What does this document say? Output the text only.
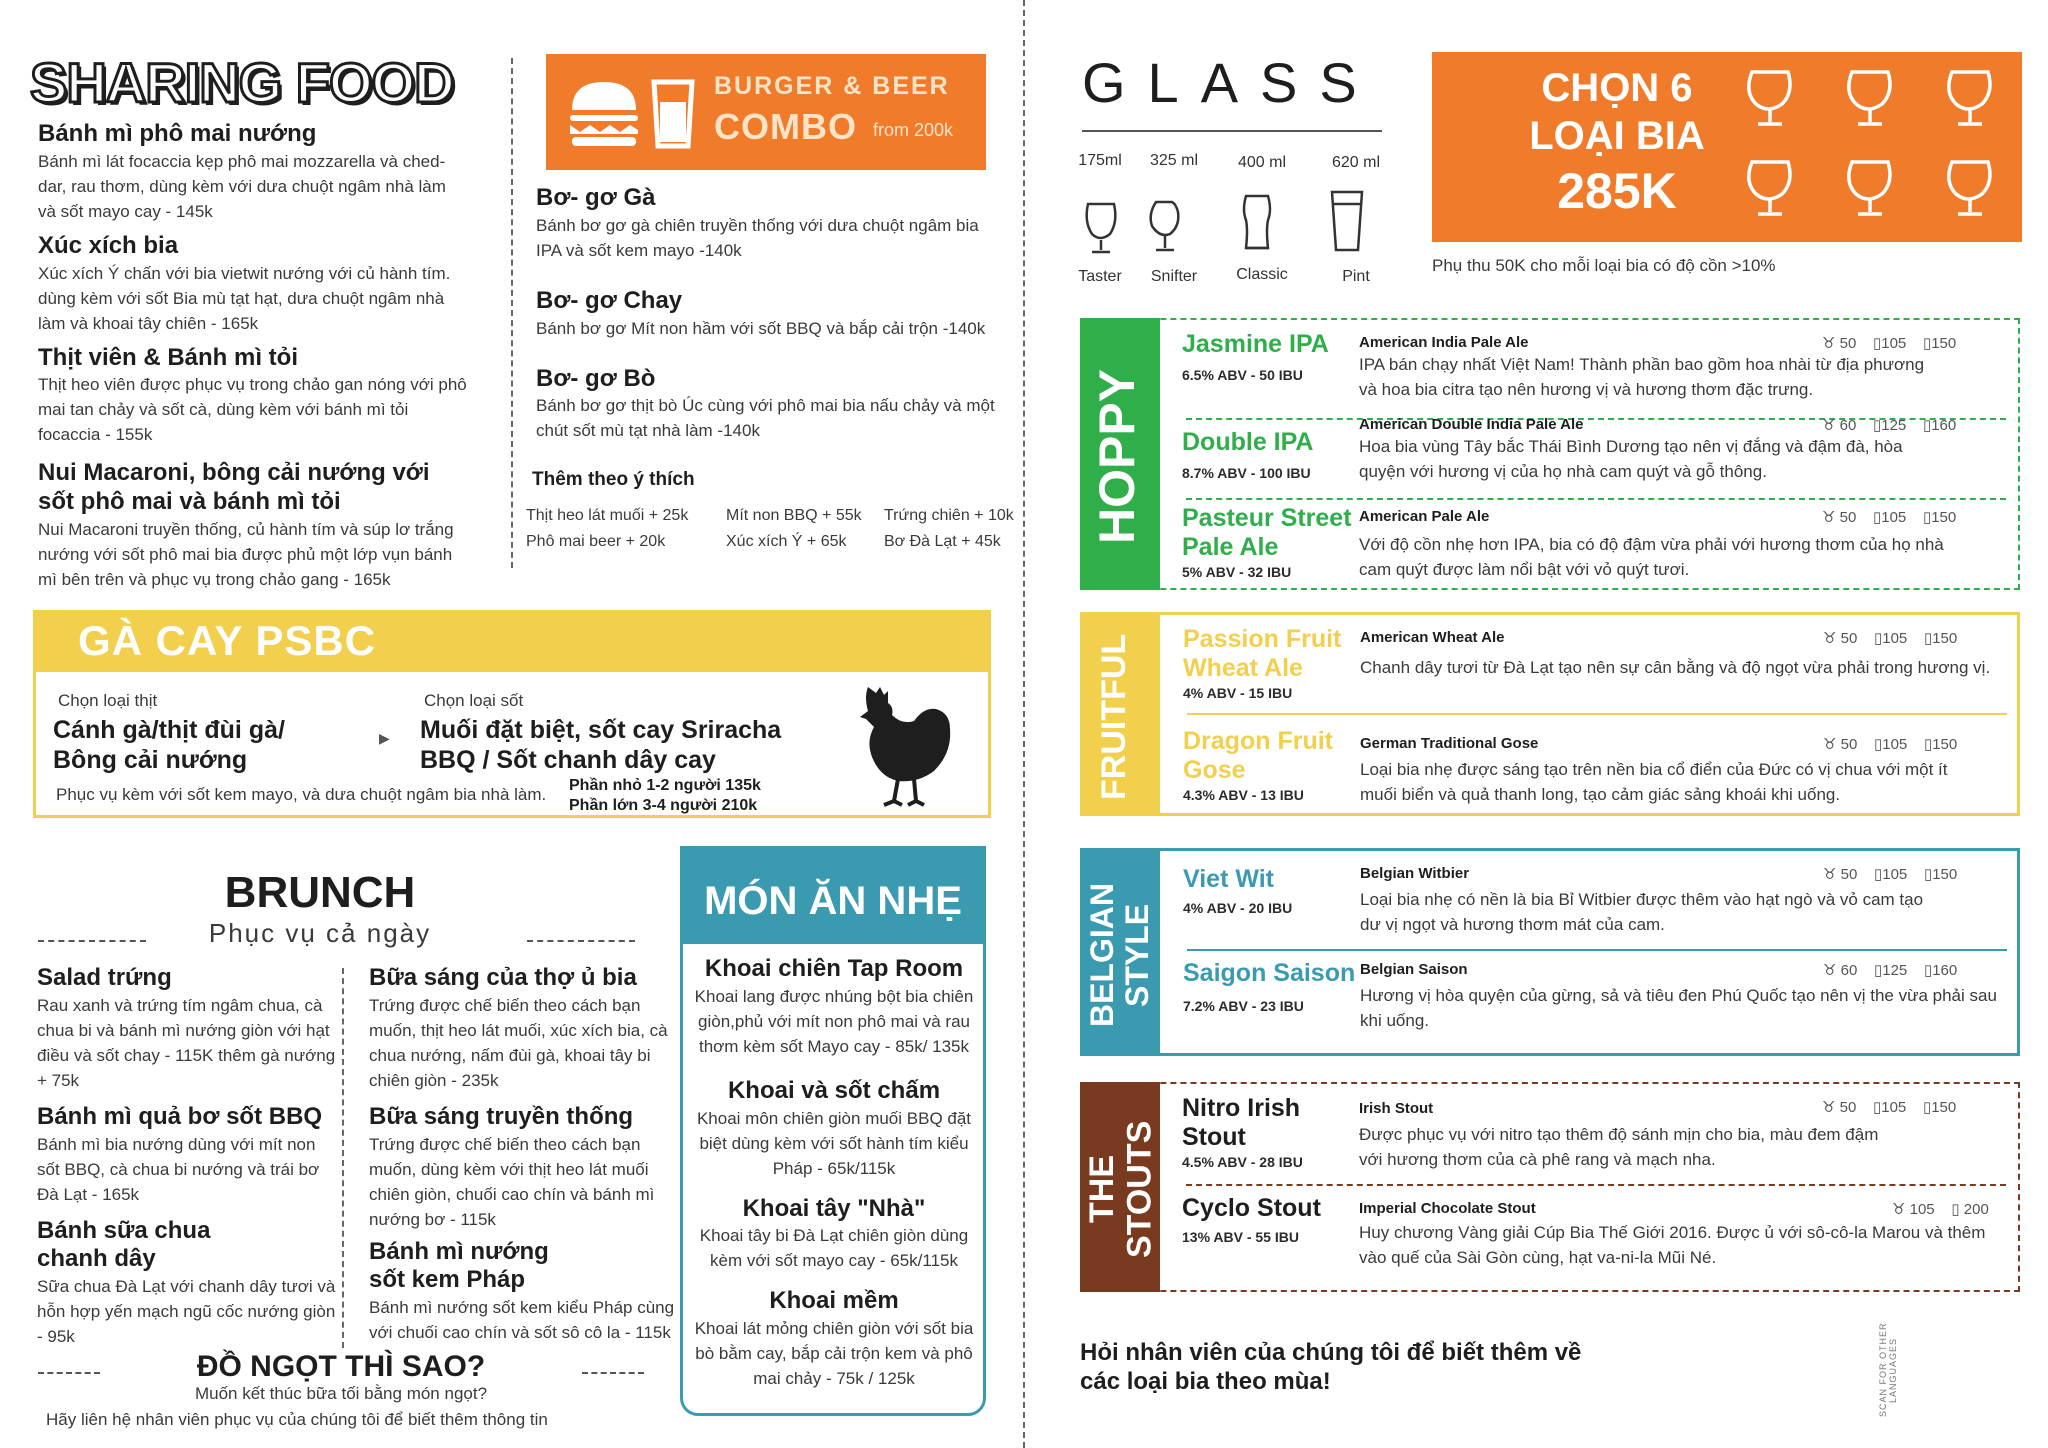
SHARING FOOD
Bánh mì phô mai nướng
Bánh mì lát focaccia kẹp phô mai mozzarella và ched-dar, rau thơm, dùng kèm với dưa chuột ngâm nhà làm và sốt mayo cay - 145k
Xúc xích bia
Xúc xích Ý chấn với bia vietwit nướng với củ hành tím. dùng kèm với sốt Bia mù tạt hạt, dưa chuột ngâm nhà làm và khoai tây chiên - 165k
Thịt viên & Bánh mì tỏi
Thịt heo viên được phục vụ trong chảo gan nóng với phô mai tan chảy và sốt cà, dùng kèm với bánh mì tỏi focaccia - 155k
Nui Macaroni, bông cải nướng với sốt phô mai và bánh mì tỏi
Nui Macaroni truyền thống, củ hành tím và súp lơ trắng nướng với sốt phô mai bia được phủ một lớp vụn bánh mì bên trên và phục vụ trong chảo gang - 165k
BURGER & BEER
COMBO from 200k
Bơ- gơ Gà
Bánh bơ gơ gà chiên truyền thống với dưa chuột ngâm bia IPA và sốt kem mayo -140k
Bơ- gơ Chay
Bánh bơ gơ Mít non hầm với sốt BBQ và bắp cải trộn -140k
Bơ- gơ Bò
Bánh bơ gơ thịt bò Úc cùng với phô mai bia nấu chảy và một chút sốt mù tạt nhà làm -140k
Thêm theo ý thích
Thịt heo lát muối + 25k Mít non BBQ + 55k Trứng chiên + 10k
Phô mai beer + 20k	Xúc xích Ý + 65k Bơ Đà Lạt + 45k
GÀ CAY PSBC
Chọn loại thịt
Cánh gà/thịt đùi gà/ Bông cải nướng
▶
Chọn loại sốt
Muối đặt biệt, sốt cay Sriracha BBQ / Sốt chanh dây cay
Phục vụ kèm với sốt kem mayo, và dưa chuột ngâm bia nhà làm. Phần nhỏ 1-2 người 135k
Phần lớn 3-4 người 210k
BRUNCH
Phục vụ cả ngày
Salad trứng
Rau xanh và trứng tím ngâm chua, cà chua bi và bánh mì nướng giòn với hạt điều và sốt chay - 115K thêm gà nướng + 75k
Bánh mì quả bơ sốt BBQ
Bánh mì bia nướng dùng với mít non sốt BBQ, cà chua bi nướng và trái bơ Đà Lạt - 165k
Bánh sữa chua chanh dây
Sữa chua Đà Lạt với chanh dây tươi và hỗn hợp yến mạch ngũ cốc nướng giòn - 95k
Bữa sáng của thợ ủ bia
Trứng được chế biến theo cách bạn muốn, thịt heo lát muối, xúc xích bia, cà chua nướng, nấm đùi gà, khoai tây bi chiên giòn - 235k
Bữa sáng truyền thống
Trứng được chế biến theo cách bạn muốn, dùng kèm với thịt heo lát muối chiên giòn, chuối cao chín và bánh mì nướng bơ - 115k
Bánh mì nướng sốt kem Pháp
Bánh mì nướng sốt kem kiểu Pháp cùng với chuối cao chín và sốt sô cô la - 115k
ĐỒ NGỌT THÌ SAO?
Muốn kết thúc bữa tối bằng món ngọt?
Hãy liên hệ nhân viên phục vụ của chúng tôi để biết thêm thông tin
MÓN ĂN NHẸ
Khoai chiên Tap Room
Khoai lang được nhúng bột bia chiên giòn,phủ với mít non phô mai và rau thơm kèm sốt Mayo cay - 85k/ 135k
Khoai và sốt chấm
Khoai môn chiên giòn muối BBQ đặt biệt dùng kèm với sốt hành tím kiểu Pháp - 65k/115k
Khoai tây "Nhà"
Khoai tây bi Đà Lạt chiên giòn dùng kèm với sốt mayo cay - 65k/115k
Khoai mềm
Khoai lát mỏng chiên giòn với sốt bia bò bằm cay, bắp cải trộn kem và phô mai chảy - 75k / 125k
GLASS
175ml	325 ml	400 ml	620 ml
Taster	Snifter	Classic	Pint
CHỌN 6
LOẠI BIA
285K
Phụ thu 50K cho mỗi loại bia có độ cồn >10%
HOPPY
Jasmine IPA
6.5% ABV - 50 IBU
American India Pale Ale
IPA bán chạy nhất Việt Nam! Thành phần bao gồm hoa nhài từ địa phương và hoa bia citra tạo nên hương vị và hương thơm đặc trưng.
♉︎ 50 ▯105 ▯150
Double IPA
8.7% ABV - 100 IBU
American Double India Pale Ale
Hoa bia vùng Tây bắc Thái Bình Dương tạo nên vị đắng và đậm đà, hòa quyện với hương vị của họ nhà cam quýt và gỗ thông.
♉︎ 60 ▯125 ▯160
Pasteur Street Pale Ale
5% ABV - 32 IBU
American Pale Ale
Với độ cồn nhẹ hơn IPA, bia có độ đậm vừa phải với hương thơm của họ nhà cam quýt được làm nổi bật với vỏ quýt tươi.
♉︎ 50 ▯105 ▯150
FRUITFUL	Passion Fruit Wheat Ale
4% ABV - 15 IBU
American Wheat Ale
Chanh dây tươi từ Đà Lạt tạo nên sự cân bằng và độ ngọt vừa phải trong hương vị.
♉︎ 50 ▯105 ▯150
Dragon Fruit Gose
4.3% ABV - 13 IBU
German Traditional Gose
Loại bia nhẹ được sáng tạo trên nền bia cổ điển của Đức có vị chua với một ít muối biển và quả thanh long, tạo cảm giác sảng khoái khi uống.
♉︎ 50 ▯105 ▯150
BELGIAN STYLE
Viet Wit
4% ABV - 20 IBU
Belgian Witbier
Loại bia nhẹ có nền là bia Bỉ Witbier được thêm vào hạt ngò và vỏ cam tạo dư vị ngọt và hương thơm mát của cam.
♉︎ 50 ▯105 ▯150
Saigon Saison
7.2% ABV - 23 IBU
Belgian Saison
Hương vị hòa quyện của gừng, sả và tiêu đen Phú Quốc tạo nên vị the vừa phải sau khi uống.
♉︎ 60 ▯125 ▯160
THE STOUTS
Nitro Irish Stout
4.5% ABV - 28 IBU
Irish Stout
Được phục vụ với nitro tạo thêm độ sánh mịn cho bia, màu đem đậm với hương thơm của cà phê rang và mạch nha.
♉︎ 50 ▯105 ▯150
Cyclo Stout
13% ABV - 55 IBU
Imperial Chocolate Stout
Huy chương Vàng giải Cúp Bia Thế Giới 2016. Được ủ với sô-cô-la Marou và thêm vào quế của Sài Gòn cùng, hạt va-ni-la Mũi Né.
♉︎ 105 ▯ 200
Hỏi nhân viên của chúng tôi để biết thêm về các loại bia theo mùa!	SCAN FOR OTHER LANGUAGES
